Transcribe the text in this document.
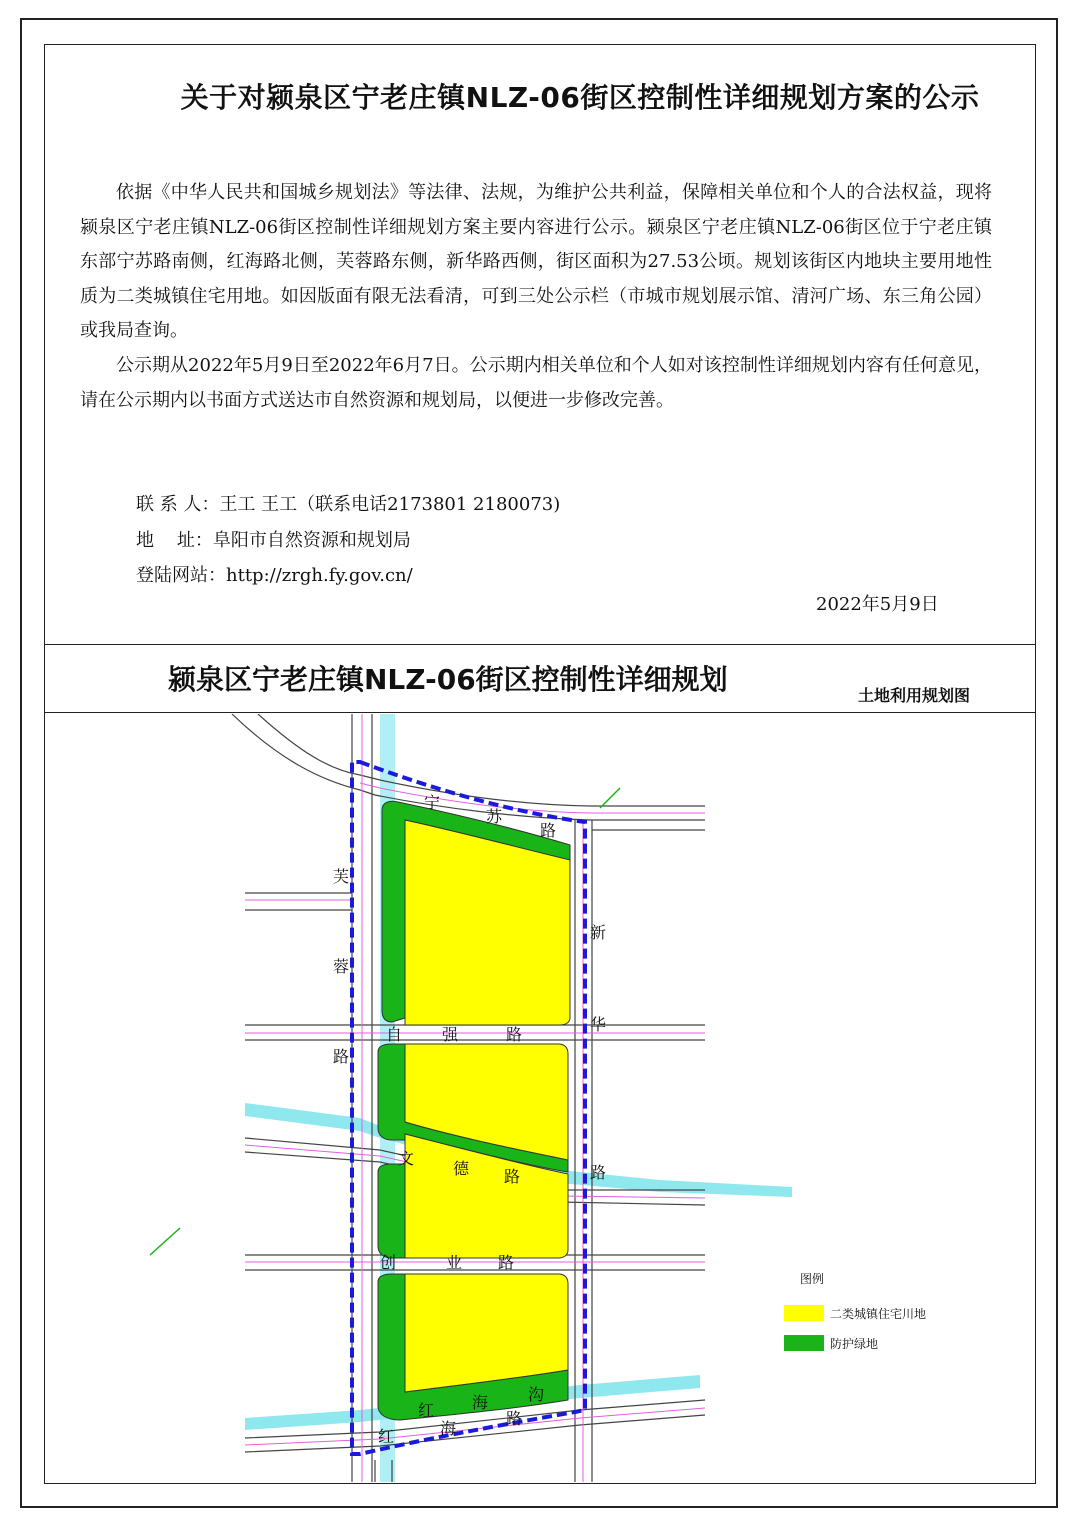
关于对颍泉区宁老庄镇NLZ-06街区控制性详细规划方案的公示

依据《中华人民共和国城乡规划法》等法律、法规，为维护公共利益，保障相关单位和个人的合法权益，现将颍泉区宁老庄镇NLZ-06街区控制性详细规划方案主要内容进行公示。颍泉区宁老庄镇NLZ-06街区位于宁老庄镇东部宁苏路南侧，红海路北侧，芙蓉路东侧，新华路西侧，街区面积为27.53公顷。规划该街区内地块主要用地性质为二类城镇住宅用地。如因版面有限无法看清，可到三处公示栏（市城市规划展示馆、清河广场、东三角公园）或我局查询。

公示期从2022年5月9日至2022年6月7日。公示期内相关单位和个人如对该控制性详细规划内容有任何意见，请在公示期内以书面方式送达市自然资源和规划局，以便进一步修改完善。

联 系 人：王工 王工（联系电话2173801 2180073)
地    址：阜阳市自然资源和规划局
登陆网站：http://zrgh.fy.gov.cn/
2022年5月9日
颍泉区宁老庄镇NLZ-06街区控制性详细规划	土地利用规划图
宁
苏
路
芙
蓉
路
新
华
路
自 强	路
文
德 路
创	业 路
红 海 沟
红	海
路
图例
二类城镇住宅川地
防护绿地
